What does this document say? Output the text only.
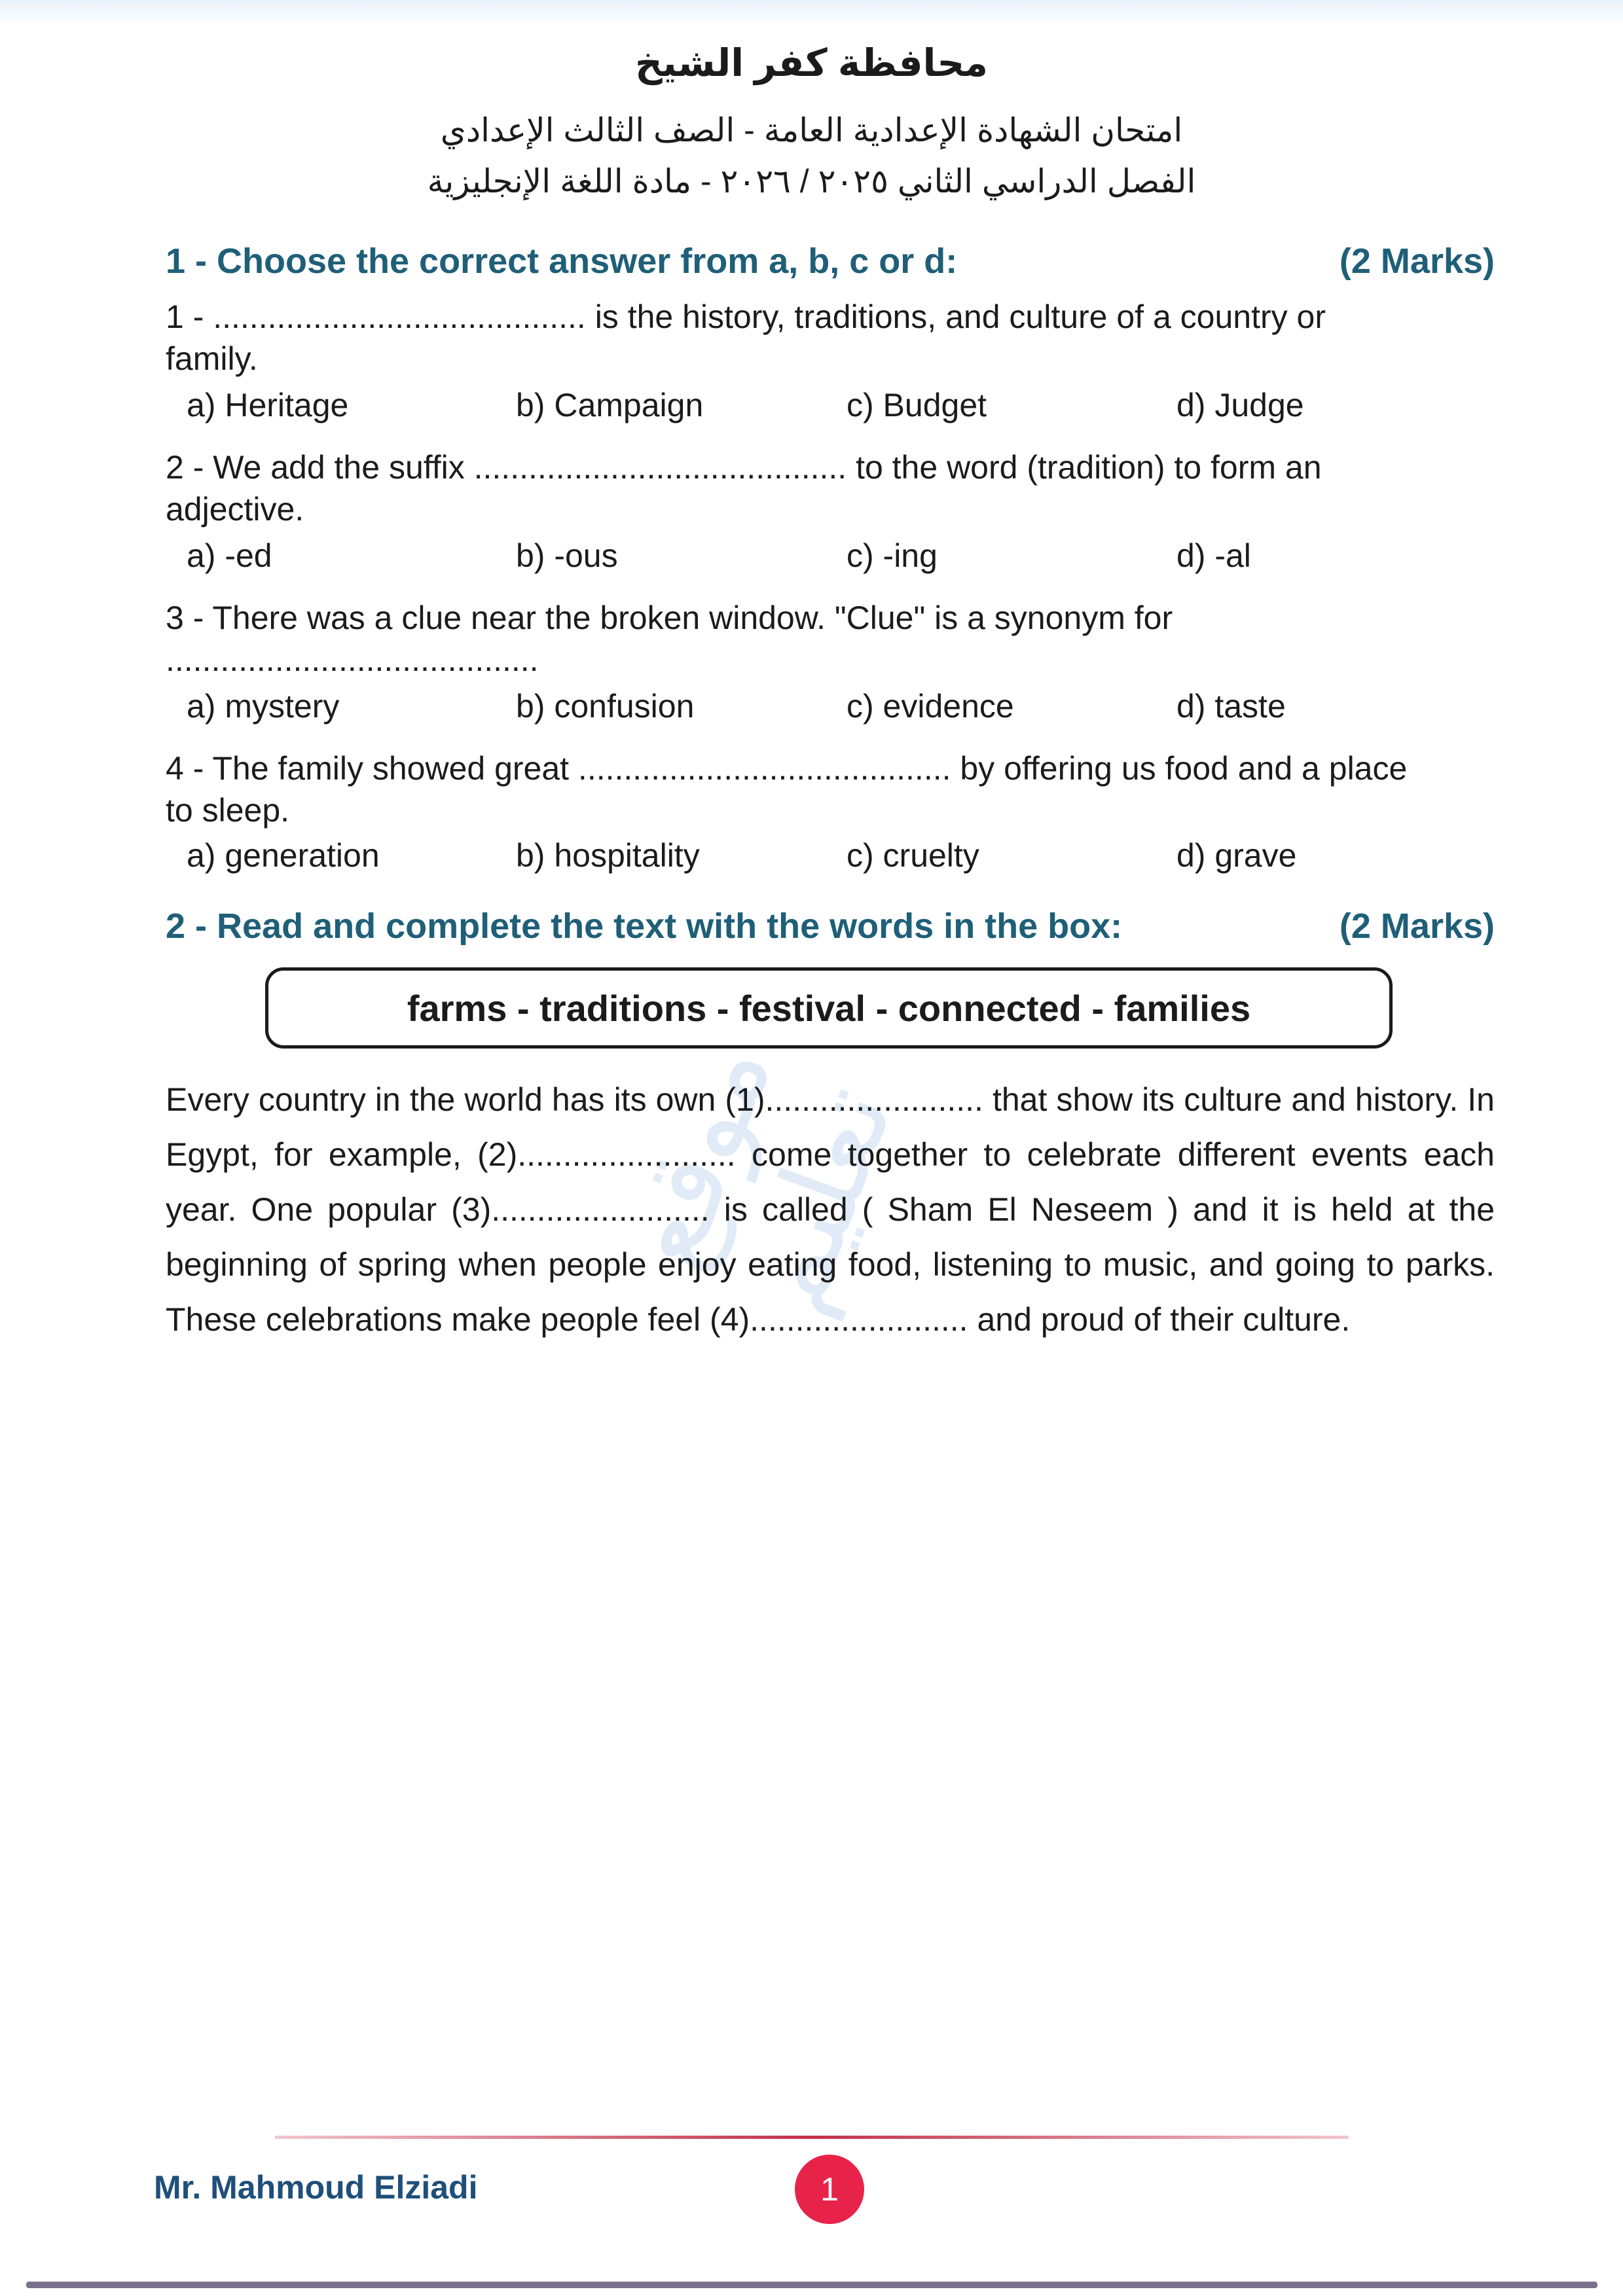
محافظة كفر الشيخ
امتحان الشهادة الإعدادية العامة - الصف الثالث الإعدادي
الفصل الدراسي الثاني ٢٠٢٥ / ٢٠٢٦ - مادة اللغة الإنجليزية
1 - Choose the correct answer from a, b, c or d:	(2 Marks)
1 - ......................................... is the history, traditions, and culture of a country or
family.
a) Heritage	b) Campaign	c) Budget	d) Judge
2 - We add the suffix ......................................... to the word (tradition) to form an
adjective.
a) -ed	b) -ous	c) -ing	d) -al
3 - There was a clue near the broken window. "Clue" is a synonym for
.........................................
a) mystery	b) confusion	c) evidence	d) taste
4 - The family showed great ......................................... by offering us food and a place
to sleep.
a) generation	b) hospitality	c) cruelty	d) grave
2 - Read and complete the text with the words in the box:	(2 Marks)
farms - traditions - festival - connected - families
موقع تعليم
Every country in the world has its own (1)........................ that show its culture and history. In Egypt, for example, (2)........................ come together to celebrate different events each year. One popular (3)........................ is called ( Sham El Neseem ) and it is held at the beginning of spring when people enjoy eating food, listening to music, and going to parks. These celebrations make people feel (4)........................ and proud of their culture.
Mr. Mahmoud Elziadi	1
